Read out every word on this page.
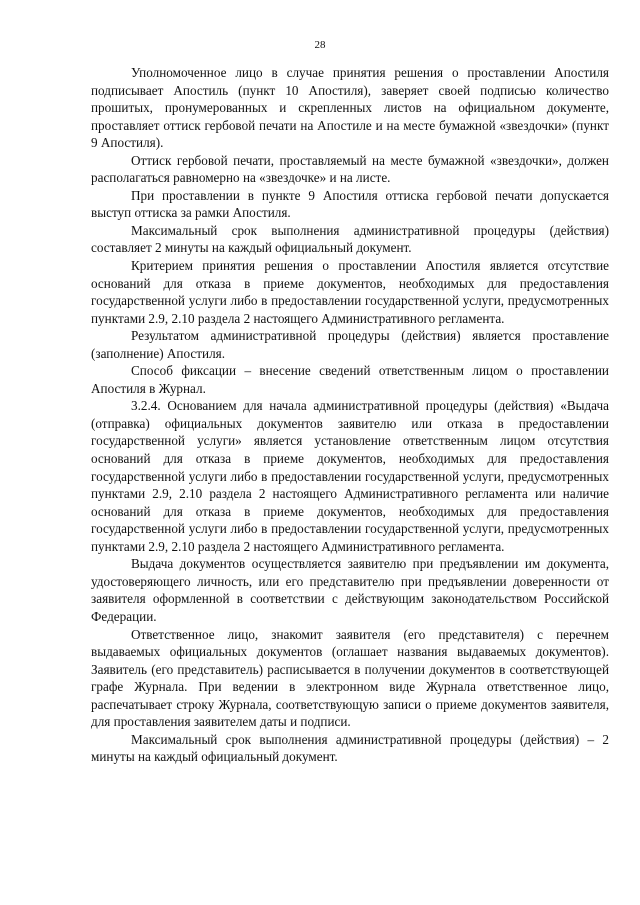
28

Уполномоченное лицо в случае принятия решения о проставлении Апостиля подписывает Апостиль (пункт 10 Апостиля), заверяет своей подписью количество прошитых, пронумерованных и скрепленных листов на официальном документе, проставляет оттиск гербовой печати на Апостиле и на месте бумажной «звездочки» (пункт 9 Апостиля).

Оттиск гербовой печати, проставляемый на месте бумажной «звездочки», должен располагаться равномерно на «звездочке» и на листе.

При проставлении в пункте 9 Апостиля оттиска гербовой печати допускается выступ оттиска за рамки Апостиля.

Максимальный срок выполнения административной процедуры (действия) составляет 2 минуты на каждый официальный документ.

Критерием принятия решения о проставлении Апостиля является отсутствие оснований для отказа в приеме документов, необходимых для предоставления государственной услуги либо в предоставлении государственной услуги, предусмотренных пунктами 2.9, 2.10 раздела 2 настоящего Административного регламента.

Результатом административной процедуры (действия) является проставление (заполнение) Апостиля.

Способ фиксации – внесение сведений ответственным лицом о проставлении Апостиля в Журнал.

3.2.4. Основанием для начала административной процедуры (действия) «Выдача (отправка) официальных документов заявителю или отказа в предоставлении государственной услуги» является установление ответственным лицом отсутствия оснований для отказа в приеме документов, необходимых для предоставления государственной услуги либо в предоставлении государственной услуги, предусмотренных пунктами 2.9, 2.10 раздела 2 настоящего Административного регламента или наличие оснований для отказа в приеме документов, необходимых для предоставления государственной услуги либо в предоставлении государственной услуги, предусмотренных пунктами 2.9, 2.10 раздела 2 настоящего Административного регламента.

Выдача документов осуществляется заявителю при предъявлении им документа, удостоверяющего личность, или его представителю при предъявлении доверенности от заявителя оформленной в соответствии с действующим законодательством Российской Федерации.

Ответственное лицо, знакомит заявителя (его представителя) с перечнем выдаваемых официальных документов (оглашает названия выдаваемых документов). Заявитель (его представитель) расписывается в получении документов в соответствующей графе Журнала. При ведении в электронном виде Журнала ответственное лицо, распечатывает строку Журнала, соответствующую записи о приеме документов заявителя, для проставления заявителем даты и подписи.

Максимальный срок выполнения административной процедуры (действия) – 2 минуты на каждый официальный документ.
